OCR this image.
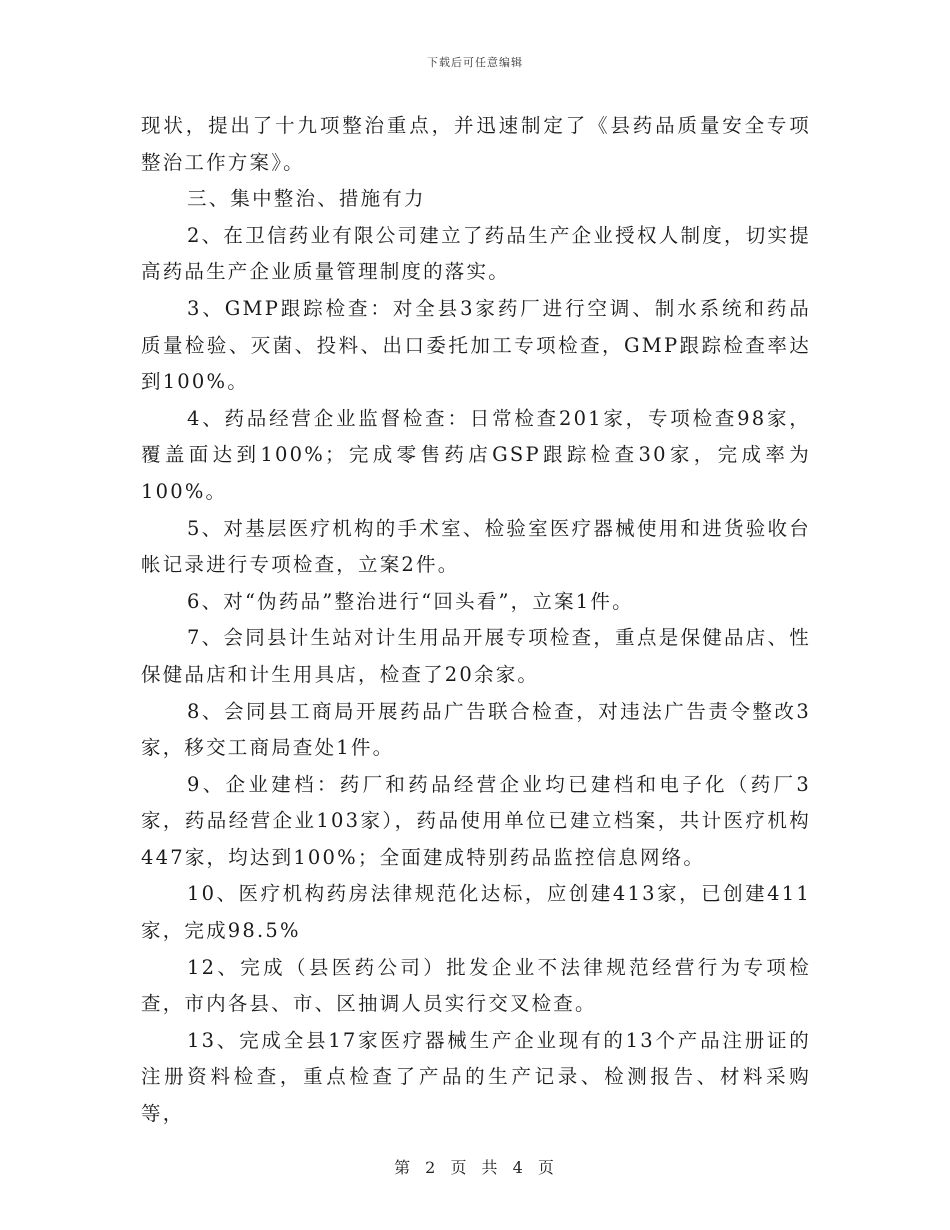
下载后可任意编辑

现状，提出了十九项整治重点，并迅速制定了《县药品质量安全专项整治工作方案》。

三、集中整治、措施有力

2、在卫信药业有限公司建立了药品生产企业授权人制度，切实提高药品生产企业质量管理制度的落实。

3、GMP跟踪检查：对全县3家药厂进行空调、制水系统和药品质量检验、灭菌、投料、出口委托加工专项检查，GMP跟踪检查率达到100%。

4、药品经营企业监督检查：日常检查201家，专项检查98家，覆盖面达到100%；完成零售药店GSP跟踪检查30家，完成率为100%。

5、对基层医疗机构的手术室、检验室医疗器械使用和进货验收台帐记录进行专项检查，立案2件。

6、对“伪药品”整治进行“回头看”，立案1件。

7、会同县计生站对计生用品开展专项检查，重点是保健品店、性保健品店和计生用具店，检查了20余家。

8、会同县工商局开展药品广告联合检查，对违法广告责令整改3家，移交工商局查处1件。

9、企业建档：药厂和药品经营企业均已建档和电子化（药厂3家，药品经营企业103家），药品使用单位已建立档案，共计医疗机构447家，均达到100%；全面建成特别药品监控信息网络。

10、医疗机构药房法律规范化达标，应创建413家，已创建411家，完成98.5%

12、完成（县医药公司）批发企业不法律规范经营行为专项检查，市内各县、市、区抽调人员实行交叉检查。

13、完成全县17家医疗器械生产企业现有的13个产品注册证的注册资料检查，重点检查了产品的生产记录、检测报告、材料采购等，

第 2 页 共 4 页
